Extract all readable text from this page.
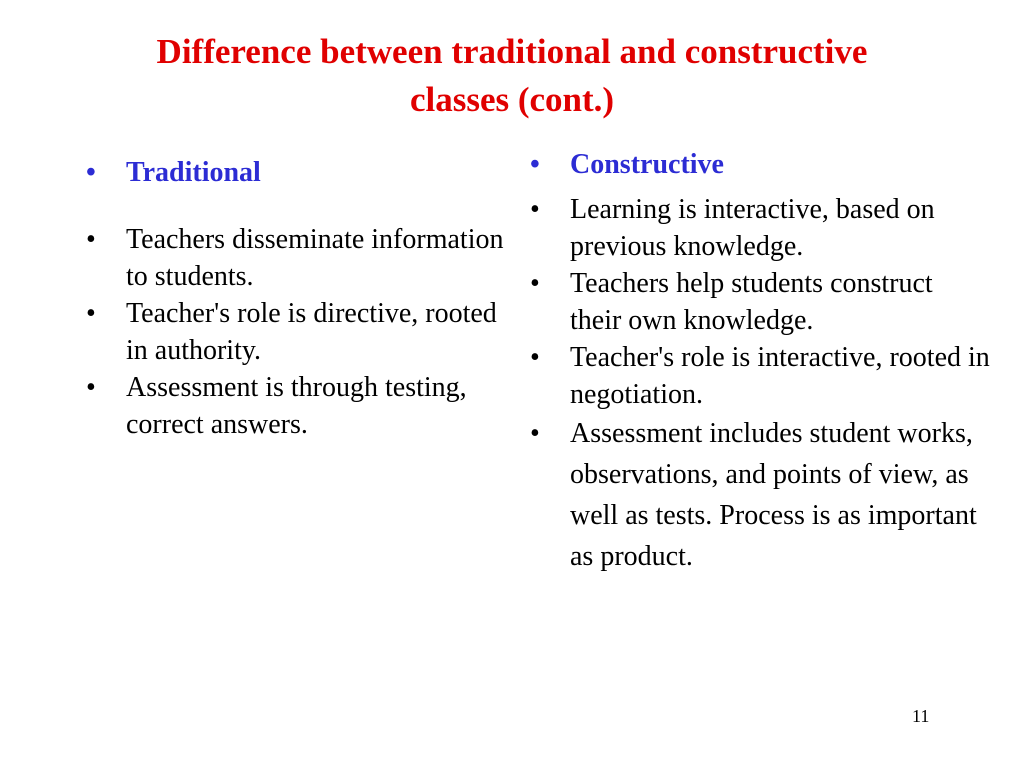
Difference between traditional and constructive
classes (cont.)
•	Traditional
•	Teachers disseminate information to students.
•	Teacher's role is directive, rooted in authority.
•	Assessment is through testing, correct answers.
•	Constructive
•	Learning is interactive, based on previous knowledge.
•	Teachers help students construct their own knowledge.
•	Teacher's role is interactive, rooted in negotiation.
•	Assessment includes student works, observations, and points of view, as well as tests. Process is as important as product.
11
